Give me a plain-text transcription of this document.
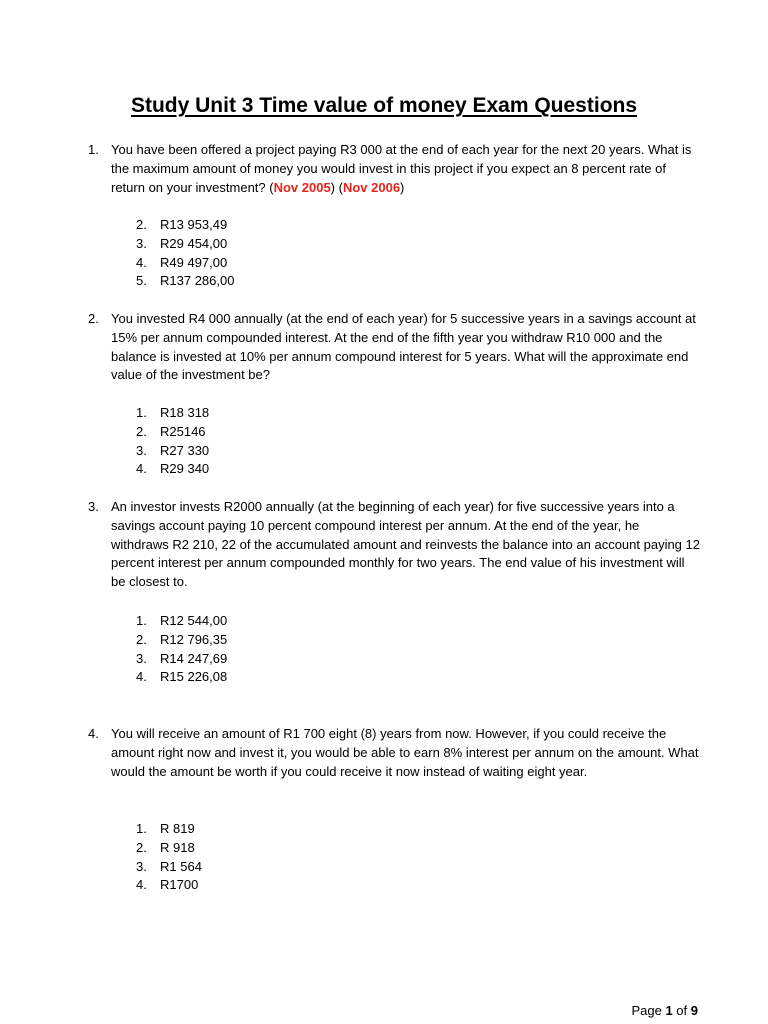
Study Unit 3 Time value of money Exam Questions
1. You have been offered a project paying R3 000 at the end of each year for the next 20 years. What is the maximum amount of money you would invest in this project if you expect an 8 percent rate of return on your investment? (Nov 2005) (Nov 2006)
2. R13 953,49
3. R29 454,00
4. R49 497,00
5. R137 286,00
2. You invested R4 000 annually (at the end of each year) for 5 successive years in a savings account at 15% per annum compounded interest. At the end of the fifth year you withdraw R10 000 and the balance is invested at 10% per annum compound interest for 5 years. What will the approximate end value of the investment be?
1. R18 318
2. R25146
3. R27 330
4. R29 340
3. An investor invests R2000 annually (at the beginning of each year) for five successive years into a savings account paying 10 percent compound interest per annum. At the end of the year, he withdraws R2 210, 22 of the accumulated amount and reinvests the balance into an account paying 12 percent interest per annum compounded monthly for two years. The end value of his investment will be closest to.
1. R12 544,00
2. R12 796,35
3. R14 247,69
4. R15 226,08
4. You will receive an amount of R1 700 eight (8) years from now. However, if you could receive the amount right now and invest it, you would be able to earn 8% interest per annum on the amount. What would the amount be worth if you could receive it now instead of waiting eight year.
1. R 819
2. R 918
3. R1 564
4. R1700
Page 1 of 9
